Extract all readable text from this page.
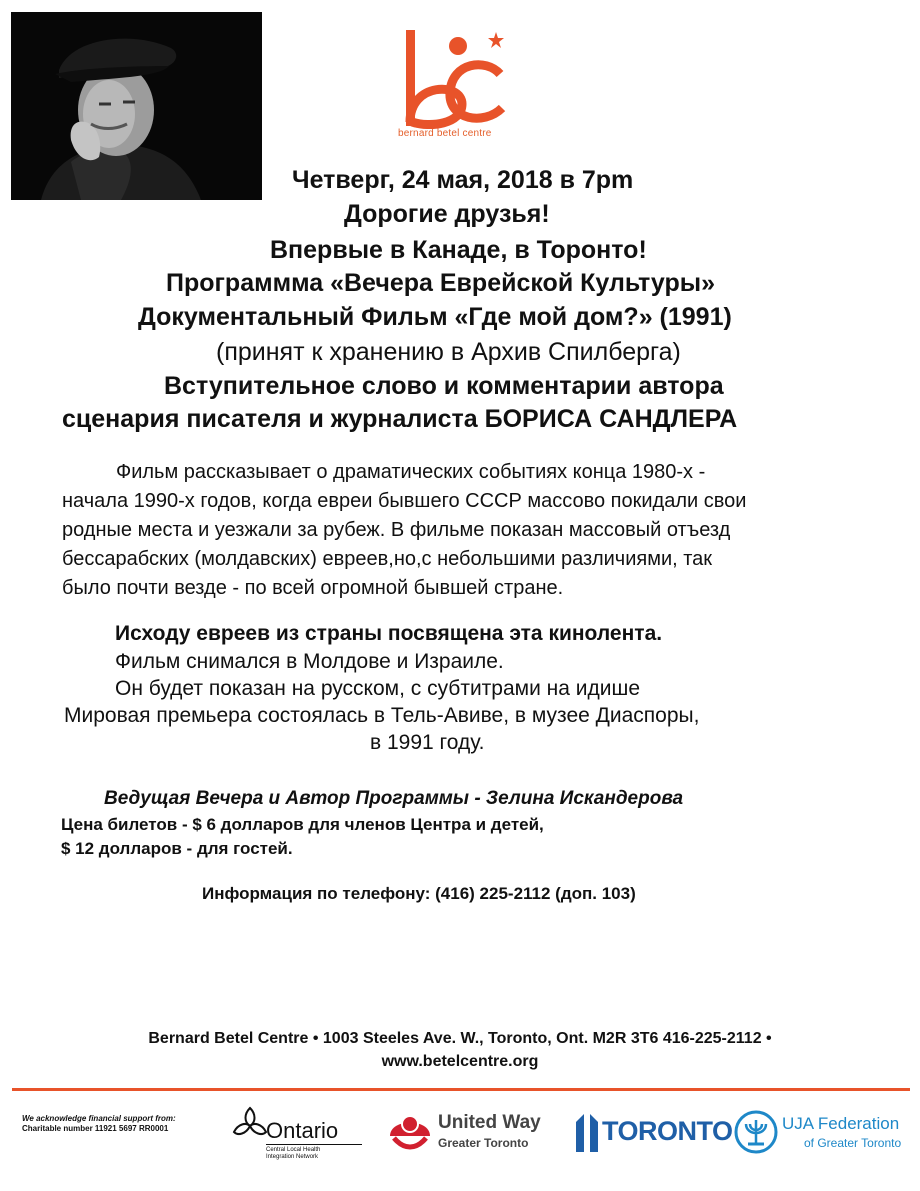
bernard betel centre
Четверг, 24 мая, 2018 в 7pm
Дорогие друзья!
Впервые в Канаде, в Торонто!
Программма «Вечера Еврейской Культуры»
Документальный Фильм «Где мой дом?» (1991)
(принят к хранению в Архив Спилберга)
Вступительное слово и комментарии автора
сценария писателя и журналиста БОРИСА САНДЛЕРА
Фильм рассказывает о драматических событиях конца 1980-х -
начала 1990-х годов, когда евреи бывшего СССР массово покидали свои
родные места и уезжали за рубеж. В фильме показан массовый отъезд
бессарабских (молдавских) евреев,но,с небольшими различиями, так
было почти везде - по всей огромной бывшей стране.
Исходу евреев из страны посвящена эта кинолента.
Фильм снимался в Молдове и Израиле.
Он будет показан на русском, с субтитрами на идише
Мировая премьера состоялась в Тель-Авиве, в музее Диаспоры,
в 1991 году.
Ведущая Вечера и Автор Программы - Зелина Искандерова
Цена билетов - $ 6 долларов для членов Центра и детей,
$ 12 долларов - для гостей.
Информация по телефону: (416) 225-2112 (доп. 103)
Bernard Betel Centre • 1003 Steeles Ave. W., Toronto, Ont. M2R 3T6 416-225-2112 •
www.betelcentre.org
We acknowledge financial support from:
Charitable number 11921 5697 RR0001	Ontario
Central Local Health
Integration Network
United Way
Greater Toronto	TORONTO	UJA Federation
of Greater Toronto
